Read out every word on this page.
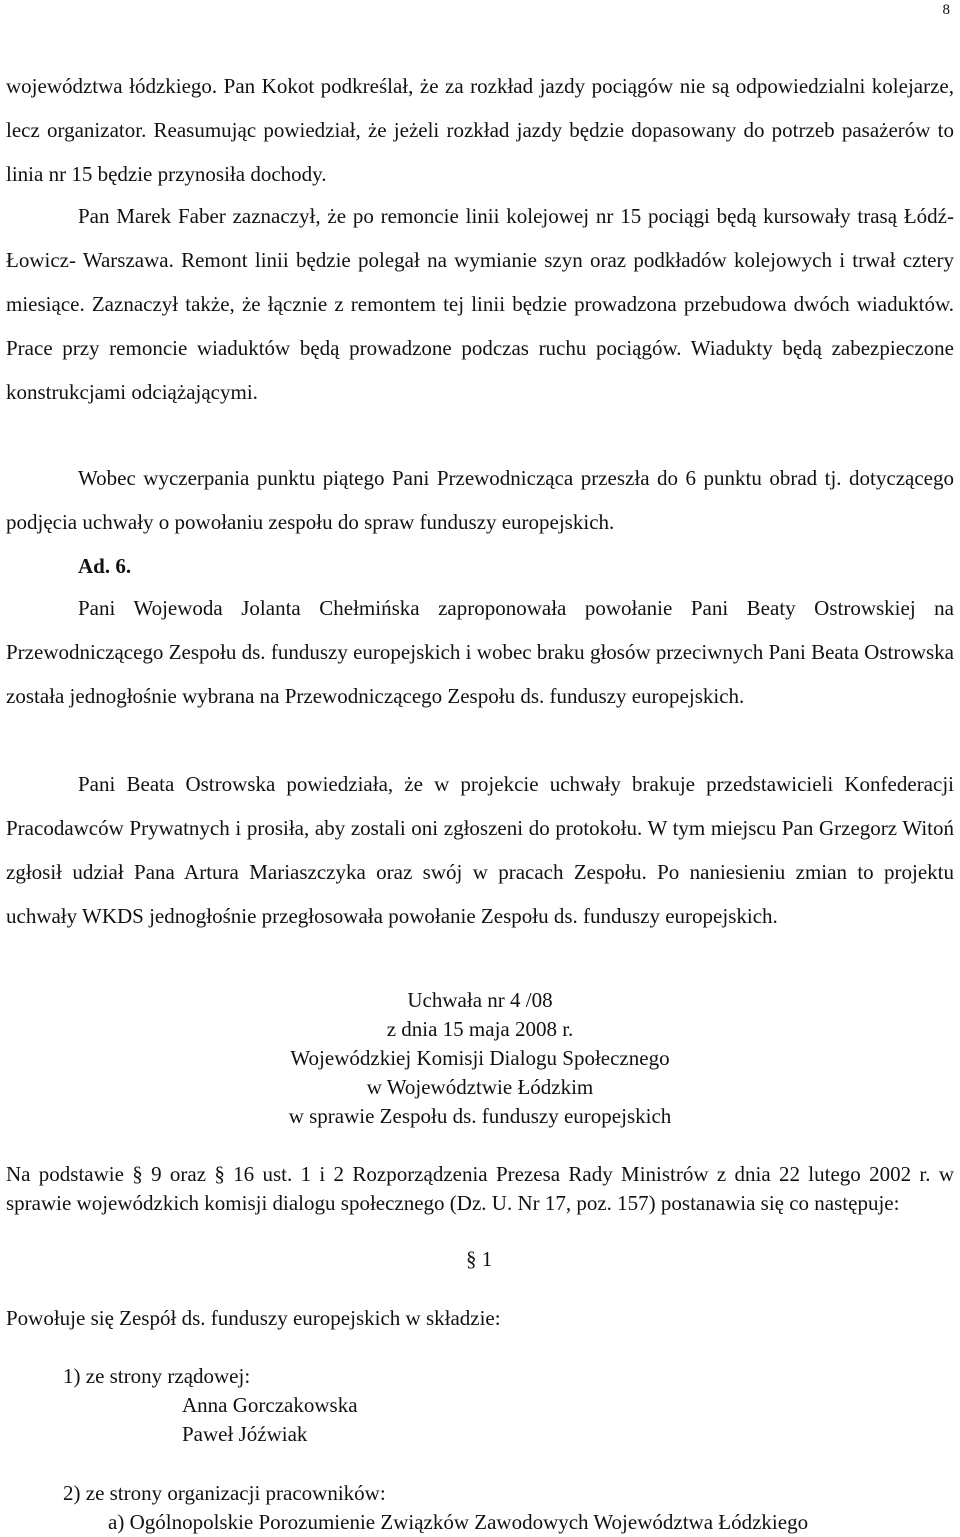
8

województwa łódzkiego. Pan Kokot podkreślał, że za rozkład jazdy pociągów nie są odpowiedzialni kolejarze, lecz organizator. Reasumując powiedział, że jeżeli rozkład jazdy będzie dopasowany do potrzeb pasażerów to linia nr 15 będzie przynosiła dochody.

Pan Marek Faber zaznaczył, że po remoncie linii kolejowej nr 15 pociągi będą kursowały trasą Łódź- Łowicz- Warszawa. Remont linii będzie polegał na wymianie szyn oraz podkładów kolejowych i trwał cztery miesiące. Zaznaczył także, że łącznie z remontem tej linii będzie prowadzona przebudowa dwóch wiaduktów. Prace przy remoncie wiaduktów będą prowadzone podczas ruchu pociągów. Wiadukty będą zabezpieczone konstrukcjami odciążającymi.

Wobec wyczerpania punktu piątego Pani Przewodnicząca przeszła do 6 punktu obrad tj. dotyczącego podjęcia uchwały o powołaniu zespołu do spraw funduszy europejskich.

Ad. 6.

Pani Wojewoda Jolanta Chełmińska zaproponowała powołanie Pani Beaty Ostrowskiej na Przewodniczącego Zespołu ds. funduszy europejskich i wobec braku głosów przeciwnych Pani Beata Ostrowska została jednogłośnie wybrana na Przewodniczącego Zespołu ds. funduszy europejskich.

Pani Beata Ostrowska powiedziała, że w projekcie uchwały brakuje przedstawicieli Konfederacji Pracodawców Prywatnych i prosiła, aby zostali oni zgłoszeni do protokołu. W tym miejscu Pan Grzegorz Witoń zgłosił udział Pana Artura Mariaszczyka oraz swój w pracach Zespołu. Po naniesieniu zmian to projektu uchwały WKDS jednogłośnie przegłosowała powołanie Zespołu ds. funduszy europejskich.

Uchwała nr 4 /08
z dnia 15 maja 2008 r.
Wojewódzkiej Komisji Dialogu Społecznego
w Województwie Łódzkim
w sprawie Zespołu ds. funduszy europejskich
Na podstawie § 9 oraz § 16 ust. 1 i 2 Rozporządzenia Prezesa Rady Ministrów z dnia 22 lutego 2002 r. w sprawie wojewódzkich komisji dialogu społecznego (Dz. U. Nr 17, poz. 157) postanawia się co następuje:
§ 1
Powołuje się Zespół ds. funduszy europejskich w składzie:
1) ze strony rządowej:
Anna Gorczakowska
Paweł Jóźwiak
2) ze strony organizacji pracowników:
a) Ogólnopolskie Porozumienie Związków Zawodowych Województwa Łódzkiego
